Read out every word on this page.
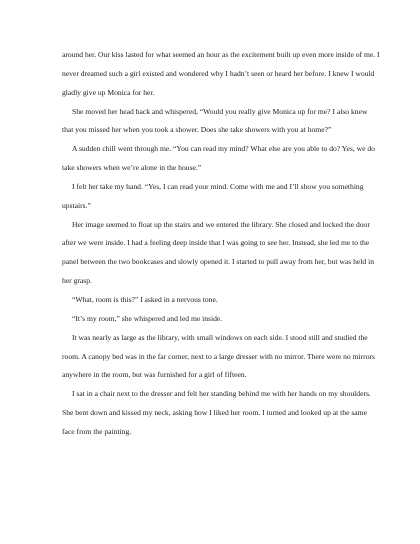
around her. Our kiss lasted for what seemed an hour as the excitement built up even more inside of me. I never dreamed such a girl existed and wondered why I hadn’t seen or heard her before. I knew I would gladly give up Monica for her.

She moved her head back and whispered, “Would you really give Monica up for me? I also knew that you missed her when you took a shower. Does she take showers with you at home?”

A sudden chill went through me. “You can read my mind? What else are you able to do? Yes, we do take showers when we’re alone in the house.”

I felt her take my hand. “Yes, I can read your mind. Come with me and I’ll show you something upstairs.”

Her image seemed to float up the stairs and we entered the library. She closed and locked the door after we were inside. I had a feeling deep inside that I was going to see her. Instead, she led me to the panel between the two bookcases and slowly opened it. I started to pull away from her, but was held in her grasp.

“What, room is this?” I asked in a nervous tone.

“It’s my room,” she whispered and led me inside.

It was nearly as large as the library, with small windows on each side. I stood still and studied the room. A canopy bed was in the far corner, next to a large dresser with no mirror. There were no mirrors anywhere in the room, but was furnished for a girl of fifteen.

I sat in a chair next to the dresser and felt her standing behind me with her hands on my shoulders. She bent down and kissed my neck, asking how I liked her room. I turned and looked up at the same face from the painting.
